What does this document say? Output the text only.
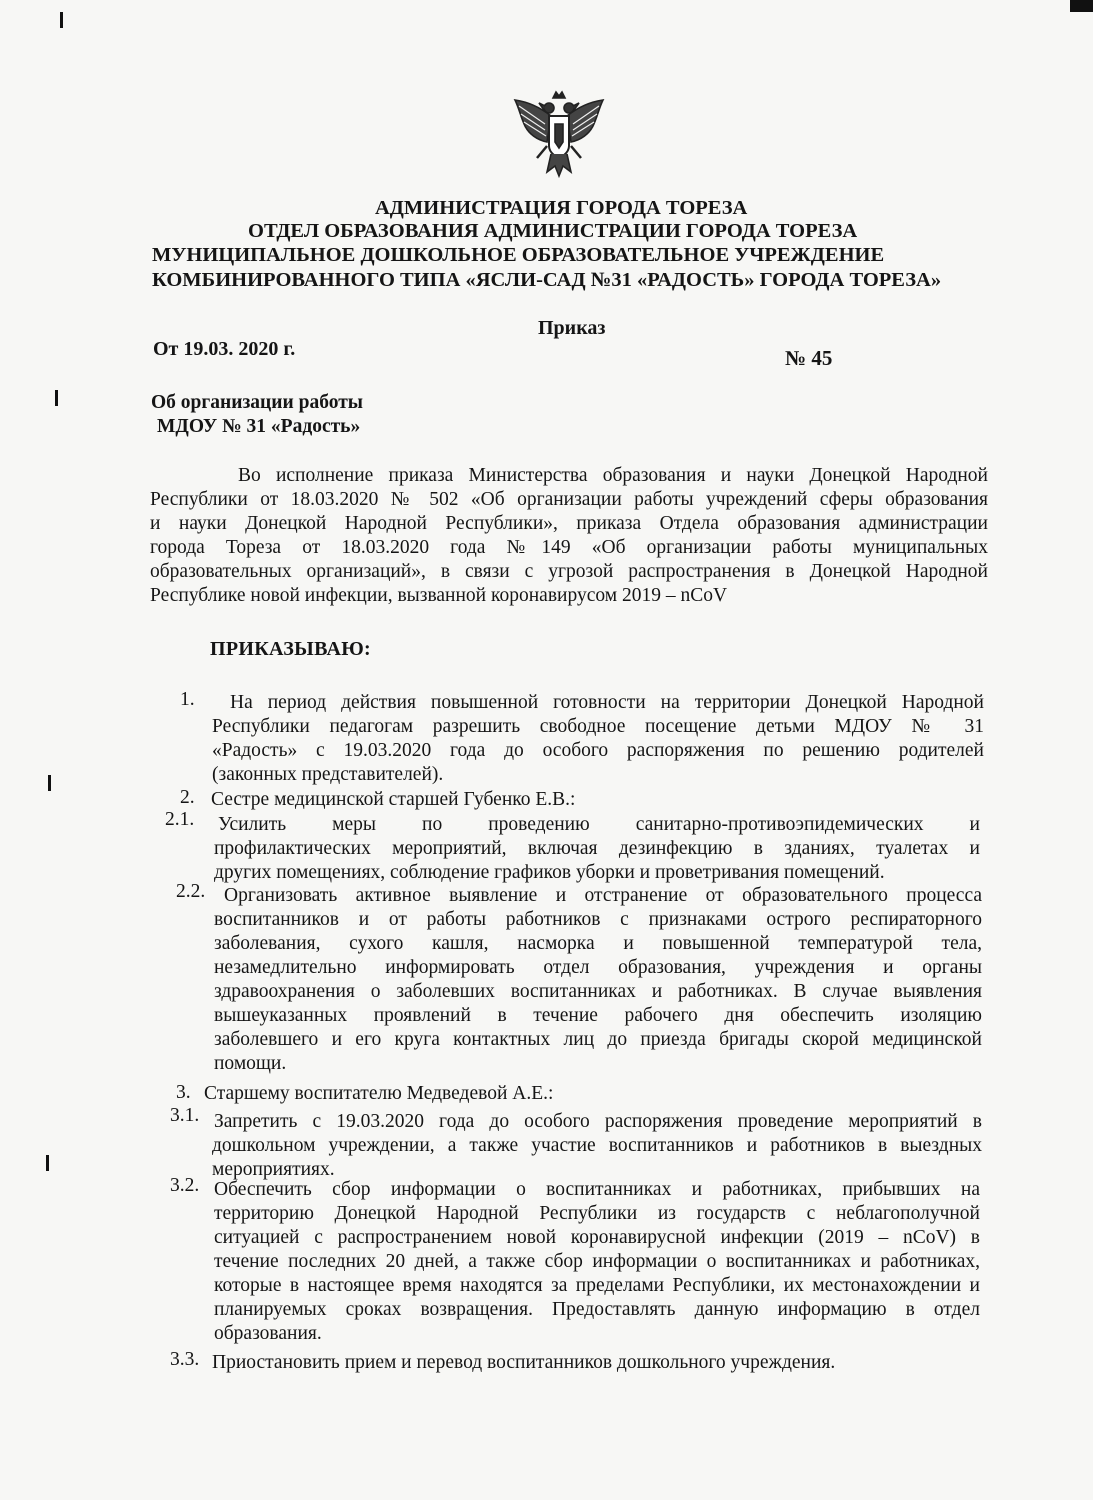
АДМИНИСТРАЦИЯ ГОРОДА ТОРЕЗА
ОТДЕЛ ОБРАЗОВАНИЯ АДМИНИСТРАЦИИ ГОРОДА ТОРЕЗА
МУНИЦИПАЛЬНОЕ ДОШКОЛЬНОЕ ОБРАЗОВАТЕЛЬНОЕ УЧРЕЖДЕНИЕ
КОМБИНИРОВАННОГО ТИПА «ЯСЛИ-САД №31 «РАДОСТЬ» ГОРОДА ТОРЕЗА»
Приказ
От 19.03. 2020 г.	№ 45
Об организации работы
МДОУ № 31 «Радость»
Во исполнение приказа Министерства образования и науки Донецкой Народной
Республики от 18.03.2020 № 502 «Об организации работы учреждений сферы образования
и науки Донецкой Народной Республики», приказа Отдела образования администрации
города Тореза от 18.03.2020 года №149 «Об организации работы муниципальных
образовательных организаций», в связи с угрозой распространения в Донецкой Народной
Республике новой инфекции, вызванной коронавирусом 2019 – nCoV
ПРИКАЗЫВАЮ:
1.	На период действия повышенной готовности на территории Донецкой Народной
Республики педагогам разрешить свободное посещение детьми МДОУ № 31
«Радость» с 19.03.2020 года до особого распоряжения по решению родителей
(законных представителей).
2. Сестре медицинской старшей Губенко Е.В.:
2.1. Усилить меры по проведению санитарно-противоэпидемических и
профилактических мероприятий, включая дезинфекцию в зданиях, туалетах и
других помещениях, соблюдение графиков уборки и проветривания помещений.
2.2. Организовать активное выявление и отстранение от образовательного процесса
воспитанников и от работы работников с признаками острого респираторного
заболевания, сухого кашля, насморка и повышенной температурой тела,
незамедлительно информировать отдел образования, учреждения и органы
здравоохранения о заболевших воспитанниках и работниках. В случае выявления
вышеуказанных проявлений в течение рабочего дня обеспечить изоляцию
заболевшего и его круга контактных лиц до приезда бригады скорой медицинской
помощи.
3. Старшему воспитателю Медведевой А.Е.:
3.1. Запретить с 19.03.2020 года до особого распоряжения проведение мероприятий в
дошкольном учреждении, а также участие воспитанников и работников в выездных
мероприятиях.
3.2. Обеспечить сбор информации о воспитанниках и работниках, прибывших на
территорию Донецкой Народной Республики из государств с неблагополучной
ситуацией с распространением новой коронавирусной инфекции (2019 – nCoV) в
течение последних 20 дней, а также сбор информации о воспитанниках и работниках,
которые в настоящее время находятся за пределами Республики, их местонахождении и
планируемых сроках возвращения. Предоставлять данную информацию в отдел
образования.
3.3. Приостановить прием и перевод воспитанников дошкольного учреждения.
